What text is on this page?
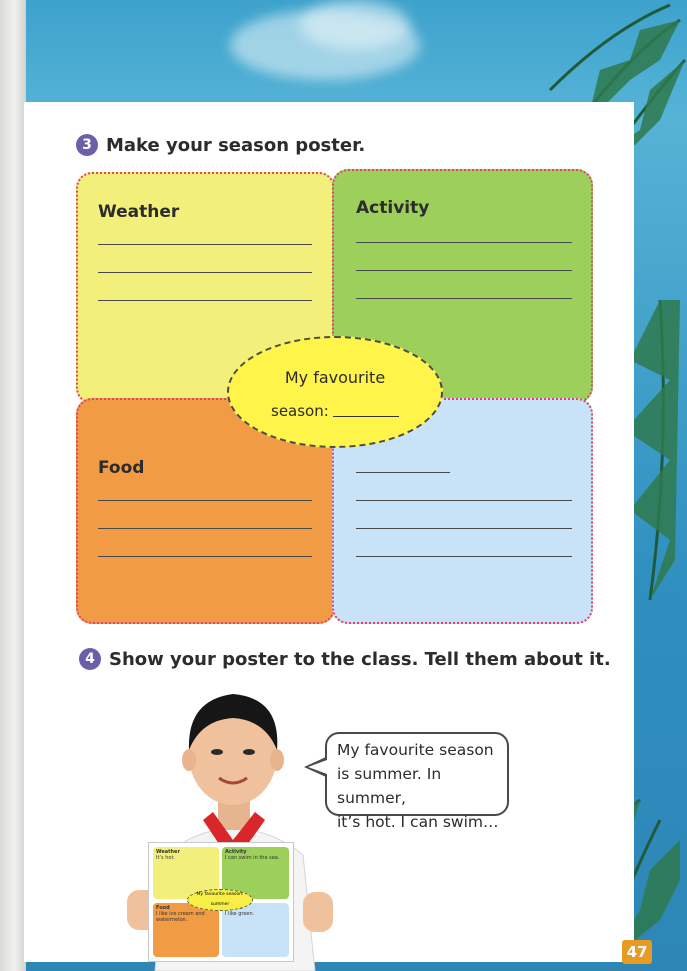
3 Make your season poster.
Weather	Activity
Food
My favourite
season:
4 Show your poster to the class. Tell them about it.
Weather
It’s hot.
Activity
I can swim in the sea.
Food
I like ice cream and watermelon.

I like green.
My favourite season: summer
My favourite season
is summer. In summer,
it’s hot. I can swim…
47
